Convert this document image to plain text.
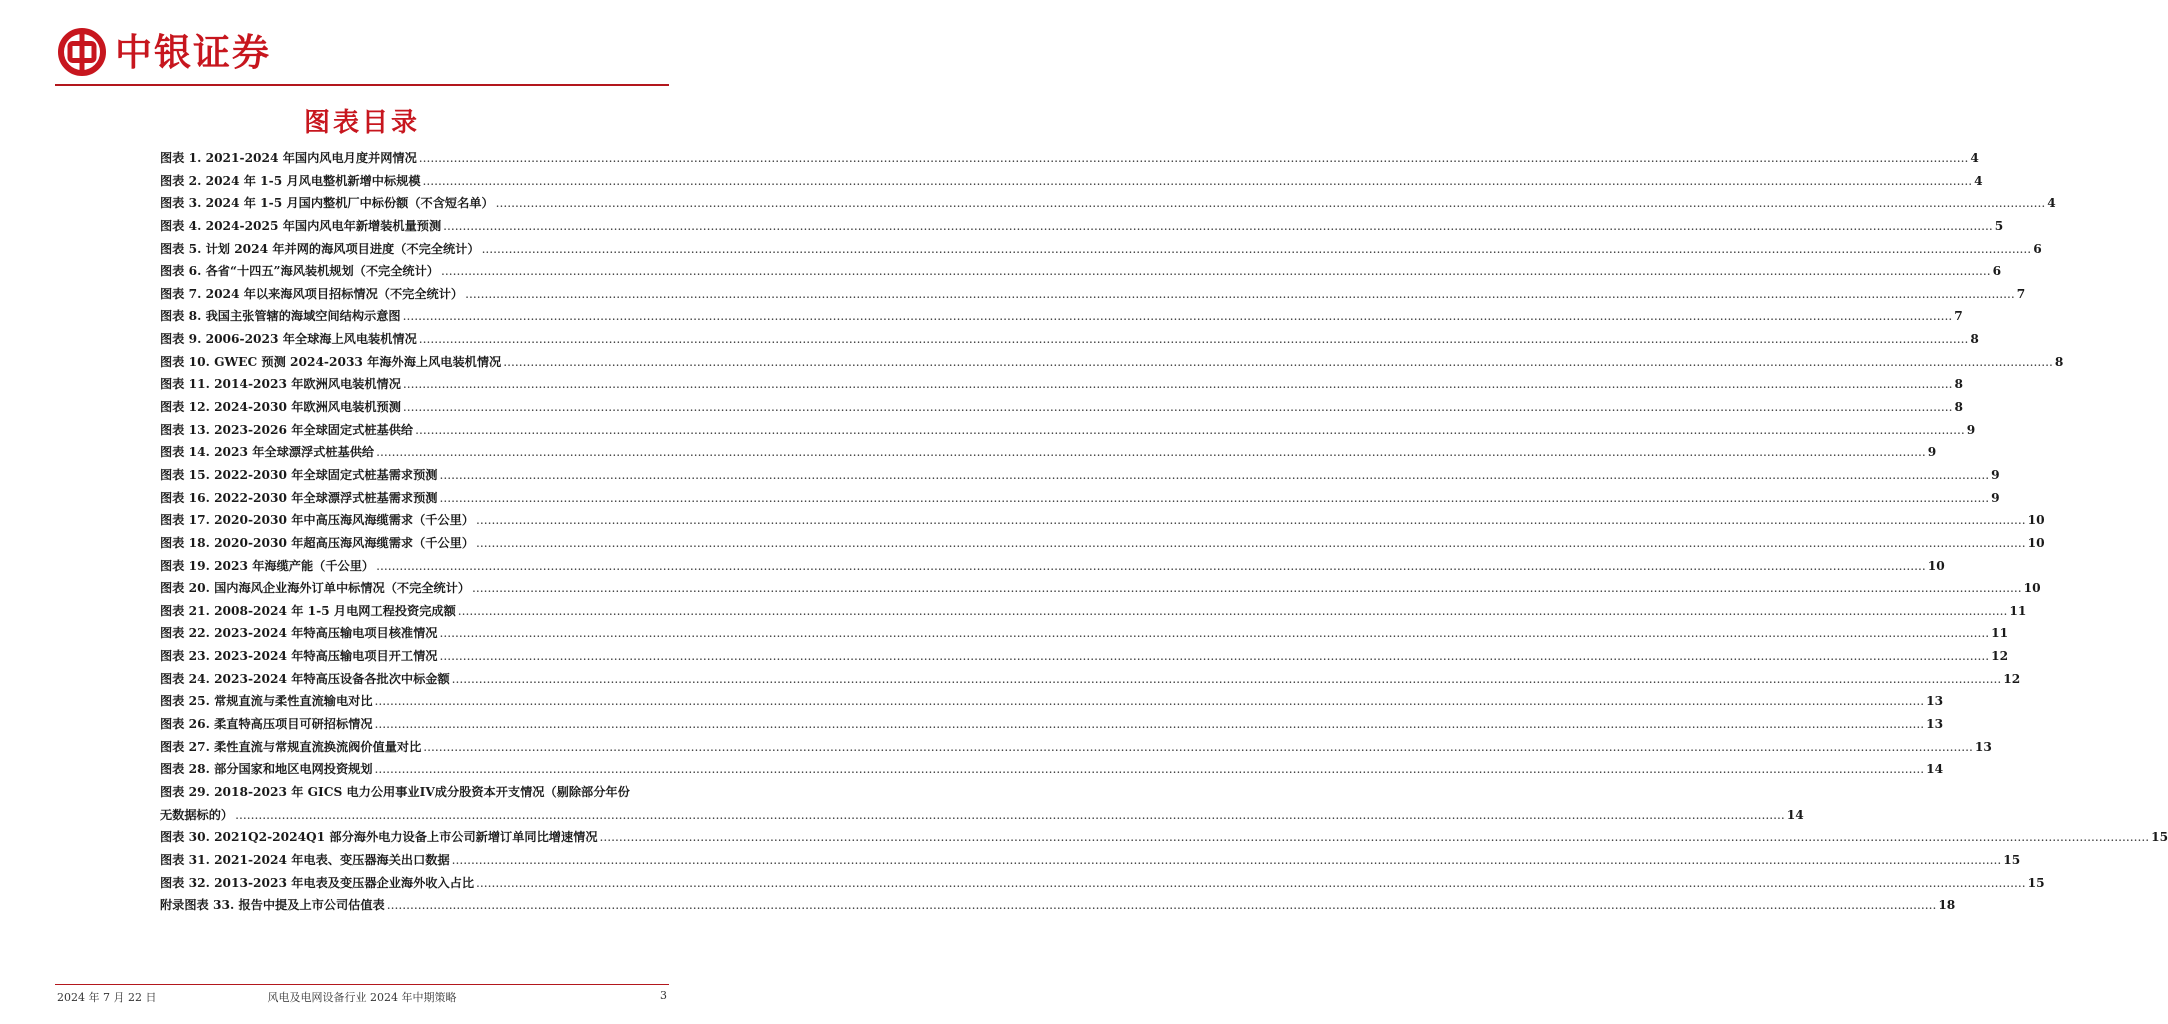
中银证券
图表目录
图表 1. 2021-2024 年国内风电月度并网情况 ................................................................................................................................................................................................................................................................................................................................................................................................................ 4
图表 2. 2024 年 1-5 月风电整机新增中标规模 ................................................................................................................................................................................................................................................................................................................................................................................................................ 4
图表 3. 2024 年 1-5 月国内整机厂中标份额（不含短名单） ................................................................................................................................................................................................................................................................................................................................................................................................................ 4
图表 4. 2024-2025 年国内风电年新增装机量预测 ................................................................................................................................................................................................................................................................................................................................................................................................................ 5
图表 5. 计划 2024 年并网的海风项目进度（不完全统计） ................................................................................................................................................................................................................................................................................................................................................................................................................ 6
图表 6. 各省“十四五”海风装机规划（不完全统计） ................................................................................................................................................................................................................................................................................................................................................................................................................ 6
图表 7. 2024 年以来海风项目招标情况（不完全统计） ................................................................................................................................................................................................................................................................................................................................................................................................................ 7
图表 8. 我国主张管辖的海域空间结构示意图 ................................................................................................................................................................................................................................................................................................................................................................................................................ 7
图表 9. 2006-2023 年全球海上风电装机情况 ................................................................................................................................................................................................................................................................................................................................................................................................................ 8
图表 10. GWEC 预测 2024-2033 年海外海上风电装机情况 ................................................................................................................................................................................................................................................................................................................................................................................................................ 8
图表 11. 2014-2023 年欧洲风电装机情况 ................................................................................................................................................................................................................................................................................................................................................................................................................ 8
图表 12. 2024-2030 年欧洲风电装机预测 ................................................................................................................................................................................................................................................................................................................................................................................................................ 8
图表 13. 2023-2026 年全球固定式桩基供给 ................................................................................................................................................................................................................................................................................................................................................................................................................ 9
图表 14. 2023 年全球漂浮式桩基供给 ................................................................................................................................................................................................................................................................................................................................................................................................................ 9
图表 15. 2022-2030 年全球固定式桩基需求预测 ................................................................................................................................................................................................................................................................................................................................................................................................................ 9
图表 16. 2022-2030 年全球漂浮式桩基需求预测 ................................................................................................................................................................................................................................................................................................................................................................................................................ 9
图表 17. 2020-2030 年中高压海风海缆需求（千公里） ................................................................................................................................................................................................................................................................................................................................................................................................................ 10
图表 18. 2020-2030 年超高压海风海缆需求（千公里） ................................................................................................................................................................................................................................................................................................................................................................................................................ 10
图表 19. 2023 年海缆产能（千公里） ................................................................................................................................................................................................................................................................................................................................................................................................................ 10
图表 20. 国内海风企业海外订单中标情况（不完全统计） ................................................................................................................................................................................................................................................................................................................................................................................................................ 10
图表 21. 2008-2024 年 1-5 月电网工程投资完成额 ................................................................................................................................................................................................................................................................................................................................................................................................................ 11
图表 22. 2023-2024 年特高压输电项目核准情况 ................................................................................................................................................................................................................................................................................................................................................................................................................ 11
图表 23. 2023-2024 年特高压输电项目开工情况 ................................................................................................................................................................................................................................................................................................................................................................................................................ 12
图表 24. 2023-2024 年特高压设备各批次中标金额 ................................................................................................................................................................................................................................................................................................................................................................................................................ 12
图表 25. 常规直流与柔性直流输电对比 ................................................................................................................................................................................................................................................................................................................................................................................................................ 13
图表 26. 柔直特高压项目可研招标情况 ................................................................................................................................................................................................................................................................................................................................................................................................................ 13
图表 27. 柔性直流与常规直流换流阀价值量对比 ................................................................................................................................................................................................................................................................................................................................................................................................................ 13
图表 28. 部分国家和地区电网投资规划 ................................................................................................................................................................................................................................................................................................................................................................................................................ 14
图表 29. 2018-2023 年 GICS 电力公用事业IV成分股资本开支情况（剔除部分年份
无数据标的） ................................................................................................................................................................................................................................................................................................................................................................................................................ 14
图表 30. 2021Q2-2024Q1 部分海外电力设备上市公司新增订单同比增速情况 ................................................................................................................................................................................................................................................................................................................................................................................................................ 15
图表 31. 2021-2024 年电表、变压器海关出口数据 ................................................................................................................................................................................................................................................................................................................................................................................................................ 15
图表 32. 2013-2023 年电表及变压器企业海外收入占比 ................................................................................................................................................................................................................................................................................................................................................................................................................ 15
附录图表 33. 报告中提及上市公司估值表 ................................................................................................................................................................................................................................................................................................................................................................................................................ 18
2024 年 7 月 22 日	风电及电网设备行业 2024 年中期策略	3
